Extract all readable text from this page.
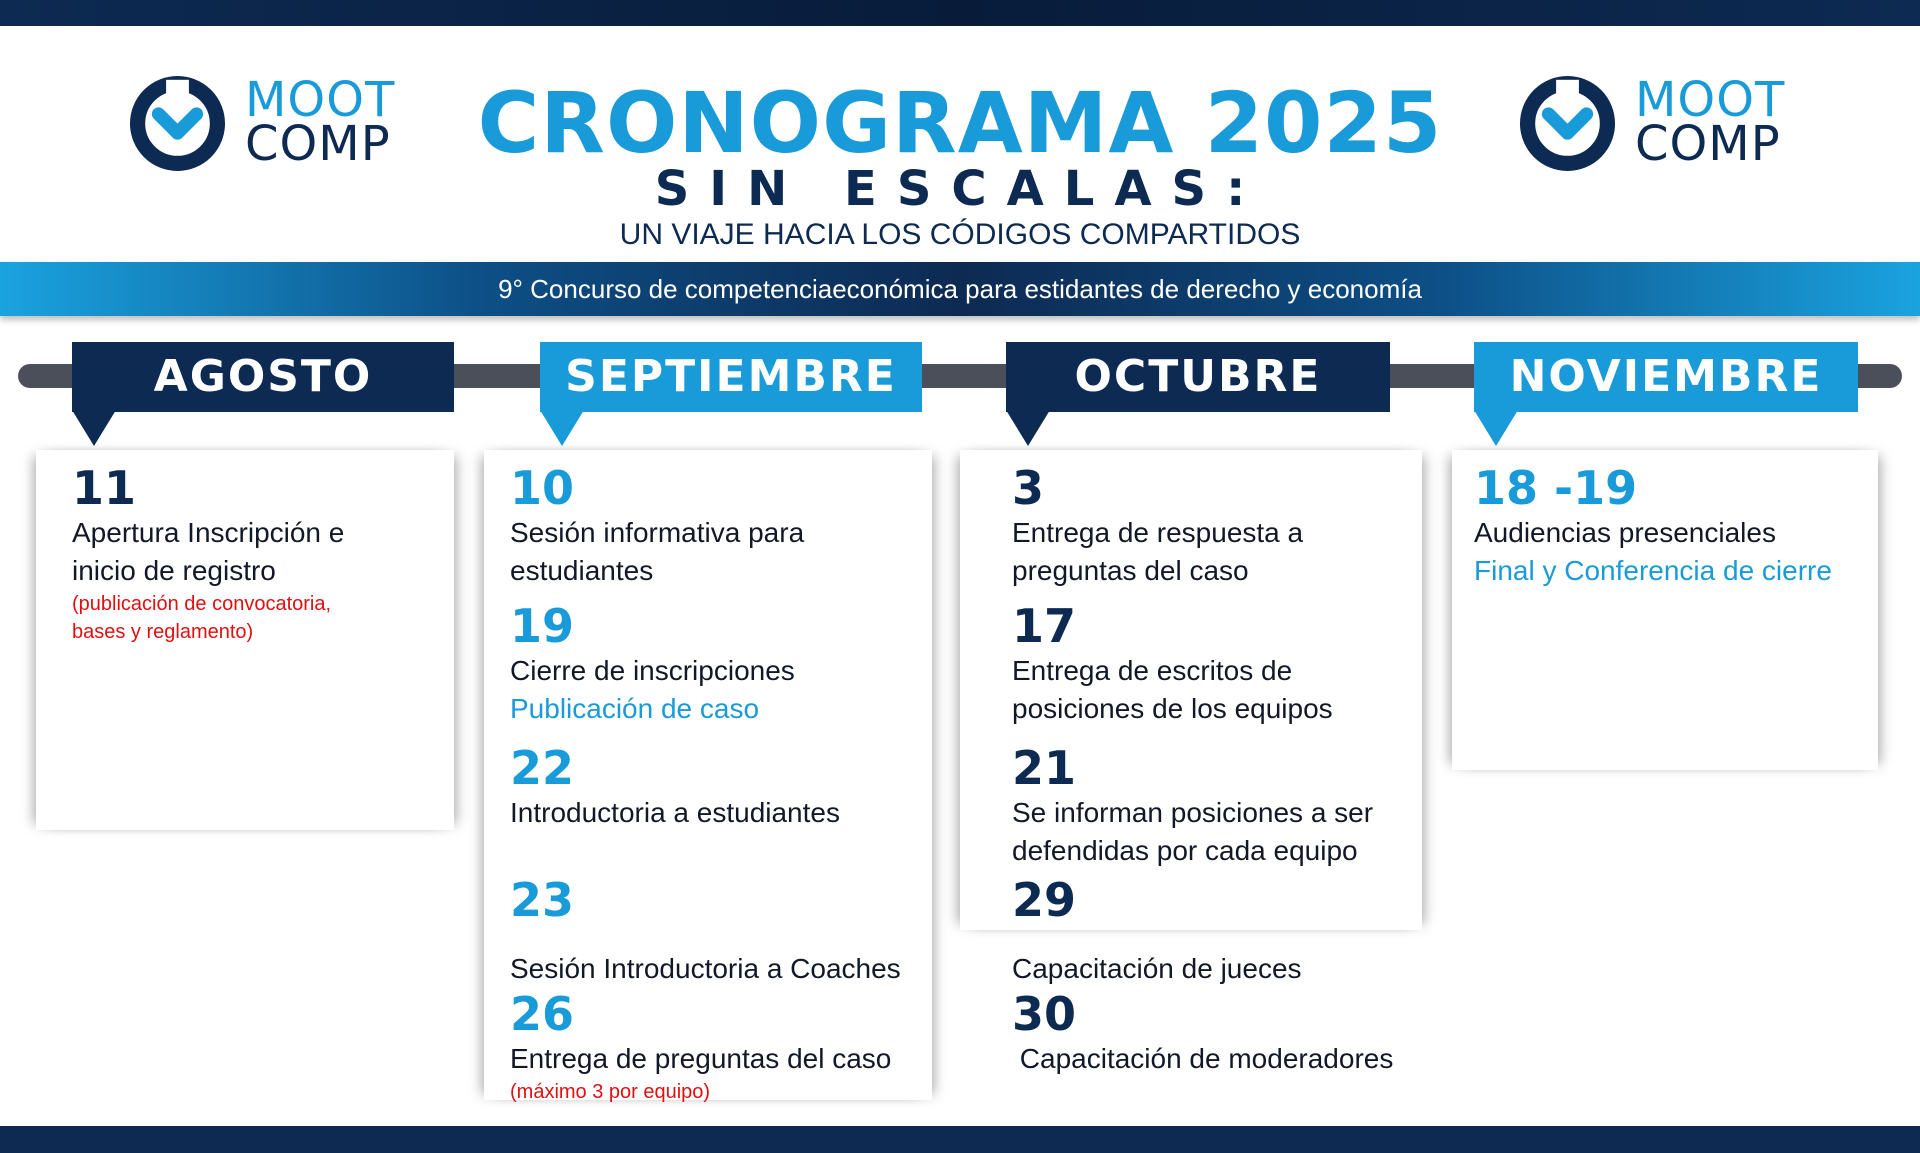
MOOT
COMP
MOOT
COMP
CRONOGRAMA 2025
SIN ESCALAS:
UN VIAJE HACIA LOS CÓDIGOS COMPARTIDOS
9° Concurso de competenciaeconómica para estidantes de derecho y economía
AGOSTO	SEPTIEMBRE	OCTUBRE	NOVIEMBRE
11
Apertura Inscripción e
inicio de registro
(publicación de convocatoria,
bases y reglamento)
10
Sesión informativa para
estudiantes
19
Cierre de inscripciones
Publicación de caso
22
Introductoria a estudiantes
23
Sesión Introductoria a Coaches
26
Entrega de preguntas del caso
(máximo 3 por equipo)
3
Entrega de respuesta a
preguntas del caso
17
Entrega de escritos de
posiciones de los equipos
21
Se informan posiciones a ser
defendidas por cada equipo
29
Capacitación de jueces
30
Capacitación de moderadores
18 -19
Audiencias presenciales
Final y Conferencia de cierre
